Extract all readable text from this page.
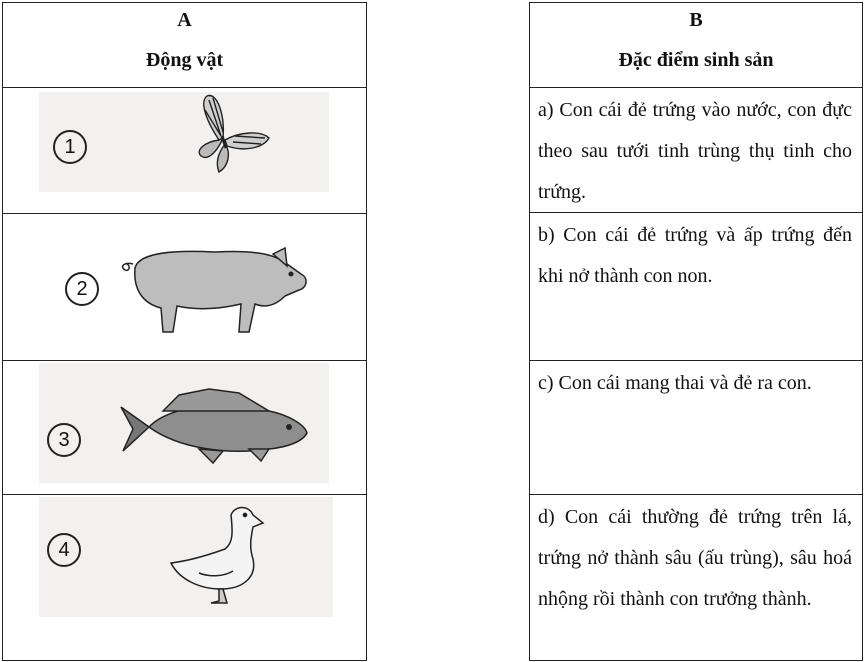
A
Động vật
1
2
3
4
B
Đặc điểm sinh sản
a) Con cái đẻ trứng vào nước, con đực theo sau tưới tinh trùng thụ tinh cho trứng.
b) Con cái đẻ trứng và ấp trứng đến khi nở thành con non.
c) Con cái mang thai và đẻ ra con.
d) Con cái thường đẻ trứng trên lá, trứng nở thành sâu (ấu trùng), sâu hoá nhộng rồi thành con trưởng thành.
